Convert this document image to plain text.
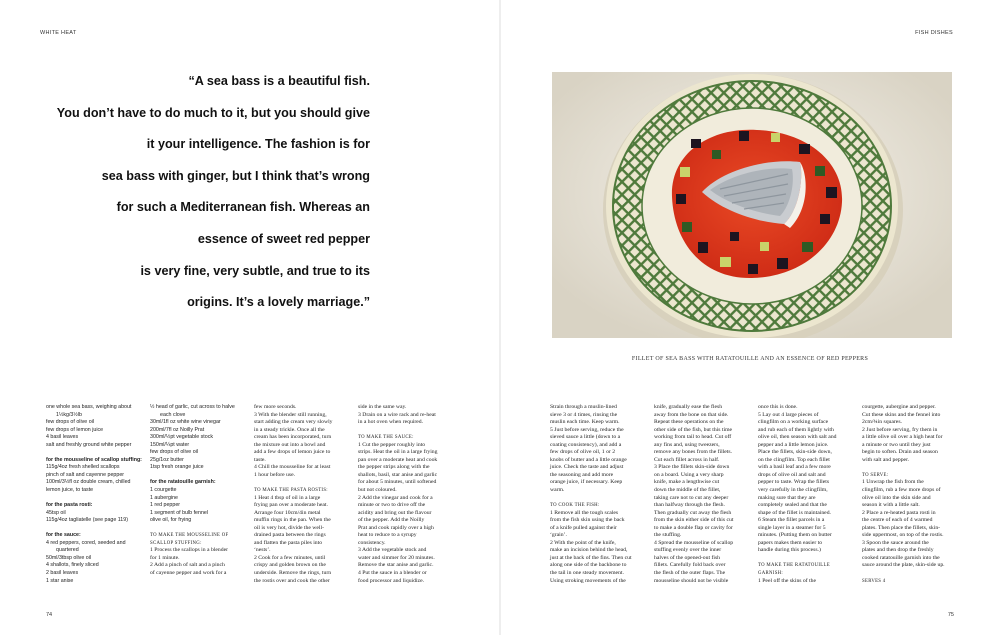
WHITE HEAT	FISH DISHES
“A sea bass is a beautiful fish.
You don’t have to do much to it, but you should give
it your intelligence. The fashion is for
sea bass with ginger, but I think that’s wrong
for such a Mediterranean fish. Whereas an
essence of sweet red pepper
is very fine, very subtle, and true to its
origins. It’s a lovely marriage.”
FILLET OF SEA BASS WITH RATATOUILLE AND AN ESSENCE OF RED PEPPERS
one whole sea bass, weighing about
1½kg/3½lb
few drops of olive oil
few drops of lemon juice
4 basil leaves
salt and freshly ground white pepper

for the mousseline of scallop stuffing:
115g/4oz fresh shelled scallops
pinch of salt and cayenne pepper
100ml/3½fl oz double cream, chilled
lemon juice, to taste

for the pasta rosti:
45tsp oil
115g/4oz tagliatelle (see page 119)

for the sauce:
4 red peppers, cored, seeded and
quartered
50ml/3tbsp olive oil
4 shallots, finely sliced
2 basil leaves
1 star anise
½ head of garlic, cut across to halve
each clove
30ml/1fl oz white wine vinegar
200ml/7fl oz Noilly Prat
300ml/½pt vegetable stock
150ml/¼pt water
few drops of olive oil
25g/1oz butter
1tsp fresh orange juice

for the ratatouille garnish:
1 courgette
1 aubergine
1 red pepper
1 segment of bulb fennel
olive oil, for frying

TO MAKE THE MOUSSELINE OF
SCALLOP STUFFING:
1 Process the scallops in a blender
for 1 minute.
2 Add a pinch of salt and a pinch
of cayenne pepper and work for a
few more seconds.
3 With the blender still running,
start adding the cream very slowly
in a steady trickle. Once all the
cream has been incorporated, turn
the mixture out into a bowl and
add a few drops of lemon juice to
taste.
4 Chill the mousseline for at least
1 hour before use.

TO MAKE THE PASTA ROSTIS:
1 Heat 4 tbsp of oil in a large
frying pan over a moderate heat.
Arrange four 10cm/4in metal
muffin rings in the pan. When the
oil is very hot, divide the well-
drained pasta between the rings
and flatten the pasta piles into
‘nests’.
2 Cook for a few minutes, until
crispy and golden brown on the
underside. Remove the rings, turn
the rostis over and cook the other
side in the same way.
3 Drain on a wire rack and re-heat
in a hot oven when required.

TO MAKE THE SAUCE:
1 Cut the pepper roughly into
strips. Heat the oil in a large frying
pan over a moderate heat and cook
the pepper strips along with the
shallots, basil, star anise and garlic
for about 5 minutes, until softened
but not coloured.
2 Add the vinegar and cook for a
minute or two to drive off the
acidity and bring out the flavour
of the pepper. Add the Noilly
Prat and cook rapidly over a high
heat to reduce to a syrupy
consistency.
3 Add the vegetable stock and
water and simmer for 20 minutes.
Remove the star anise and garlic.
4 Put the sauce in a blender or
food processor and liquidize.
Strain through a muslin-lined
sieve 3 or 4 times, rinsing the
muslin each time. Keep warm.
5 Just before serving, reduce the
sieved sauce a little (down to a
coating consistency), and add a
few drops of olive oil, 1 or 2
knobs of butter and a little orange
juice. Check the taste and adjust
the seasoning and add more
orange juice, if necessary. Keep
warm.

TO COOK THE FISH:
1 Remove all the tough scales
from the fish skin using the back
of a knife pulled against their
‘grain’.
2 With the point of the knife,
make an incision behind the head,
just at the back of the fins. Then cut
along one side of the backbone to
the tail in one steady movement.
Using stroking movements of the
knife, gradually ease the flesh
away from the bone on that side.
Repeat these operations on the
other side of the fish, but this time
working from tail to head. Cut off
any fins and, using tweezers,
remove any bones from the fillets.
Cut each fillet across in half.
3 Place the fillets skin-side down
on a board. Using a very sharp
knife, make a lengthwise cut
down the middle of the fillet,
taking care not to cut any deeper
than halfway through the flesh.
Then gradually cut away the flesh
from the skin either side of this cut
to make a double flap or cavity for
the stuffing.
4 Spread the mousseline of scallop
stuffing evenly over the inner
halves of the opened-out fish
fillets. Carefully fold back over
the flesh of the outer flaps. The
mousseline should not be visible
once this is done.
5 Lay out 4 large pieces of
clingfilm on a working surface
and rub each of them lightly with
olive oil, then season with salt and
pepper and a little lemon juice.
Place the fillets, skin-side down,
on the clingfilm. Top each fillet
with a basil leaf and a few more
drops of olive oil and salt and
pepper to taste. Wrap the fillets
very carefully in the clingfilm,
making sure that they are
completely sealed and that the
shape of the fillet is maintained.
6 Steam the fillet parcels in a
single layer in a steamer for 5
minutes. (Putting them on butter
papers makes them easier to
handle during this process.)

TO MAKE THE RATATOUILLE
GARNISH:
1 Peel off the skins of the
courgette, aubergine and pepper.
Cut these skins and the fennel into
2cm/¾in squares.
2 Just before serving, fry them in
a little olive oil over a high heat for
a minute or two until they just
begin to soften. Drain and season
with salt and pepper.

TO SERVE:
1 Unwrap the fish from the
clingfilm, rub a few more drops of
olive oil into the skin side and
season it with a little salt.
2 Place a re-heated pasta rosti in
the centre of each of 4 warmed
plates. Then place the fillets, skin-
side uppermost, on top of the rostis.
3 Spoon the sauce around the
plates and then drop the freshly
cooked ratatouille garnish into the
sauce around the plate, skin-side up.

SERVES 4
74	75
